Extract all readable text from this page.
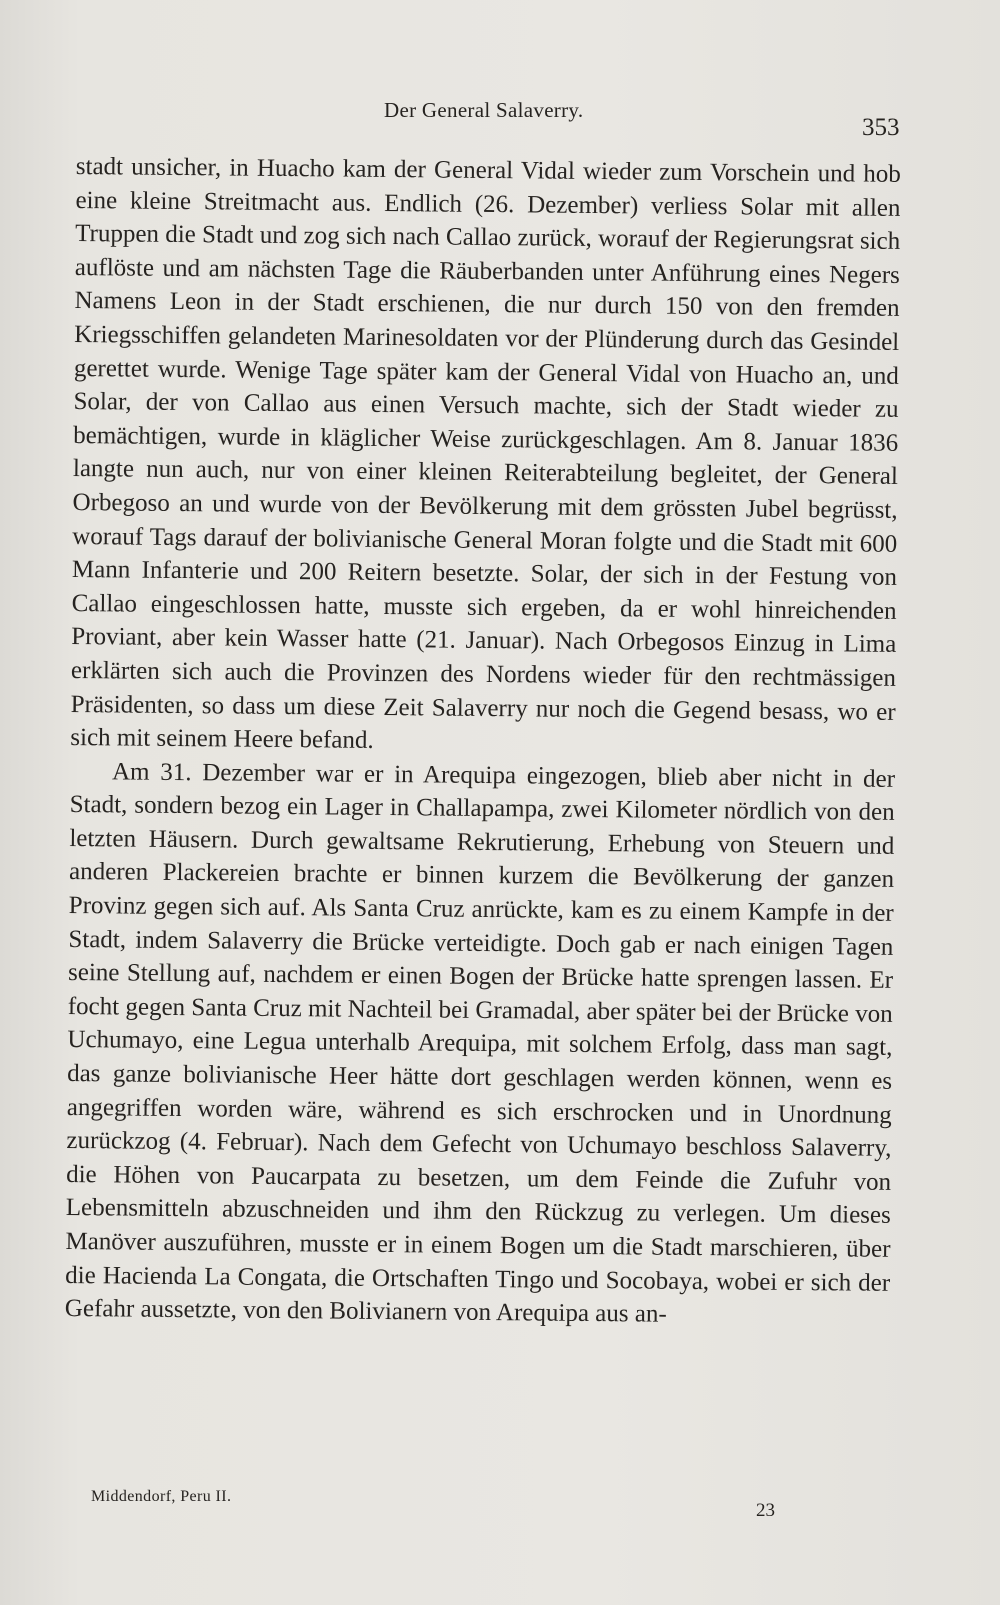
Der General Salaverry.
353

stadt unsicher, in Huacho kam der General Vidal wieder zum Vorschein und hob eine kleine Streitmacht aus. Endlich (26. Dezember) verliess Solar mit allen Truppen die Stadt und zog sich nach Callao zurück, worauf der Regierungsrat sich auflöste und am nächsten Tage die Räuberbanden unter Anführung eines Negers Namens Leon in der Stadt erschienen, die nur durch 150 von den fremden Kriegsschiffen gelandeten Marinesoldaten vor der Plünderung durch das Gesindel gerettet wurde. Wenige Tage später kam der General Vidal von Huacho an, und Solar, der von Callao aus einen Versuch machte, sich der Stadt wieder zu bemächtigen, wurde in kläglicher Weise zurückgeschlagen. Am 8. Januar 1836 langte nun auch, nur von einer kleinen Reiterabteilung begleitet, der General Orbegoso an und wurde von der Bevölkerung mit dem grössten Jubel begrüsst, worauf Tags darauf der bolivianische General Moran folgte und die Stadt mit 600 Mann Infanterie und 200 Reitern besetzte. Solar, der sich in der Festung von Callao eingeschlossen hatte, musste sich ergeben, da er wohl hinreichenden Proviant, aber kein Wasser hatte (21. Januar). Nach Orbegosos Einzug in Lima erklärten sich auch die Provinzen des Nordens wieder für den rechtmässigen Präsidenten, so dass um diese Zeit Salaverry nur noch die Gegend besass, wo er sich mit seinem Heere befand.

Am 31. Dezember war er in Arequipa eingezogen, blieb aber nicht in der Stadt, sondern bezog ein Lager in Challapampa, zwei Kilometer nördlich von den letzten Häusern. Durch gewaltsame Rekrutierung, Erhebung von Steuern und anderen Plackereien brachte er binnen kurzem die Bevölkerung der ganzen Provinz gegen sich auf. Als Santa Cruz anrückte, kam es zu einem Kampfe in der Stadt, indem Salaverry die Brücke verteidigte. Doch gab er nach einigen Tagen seine Stellung auf, nachdem er einen Bogen der Brücke hatte sprengen lassen. Er focht gegen Santa Cruz mit Nachteil bei Gramadal, aber später bei der Brücke von Uchumayo, eine Legua unterhalb Arequipa, mit solchem Erfolg, dass man sagt, das ganze bolivianische Heer hätte dort geschlagen werden können, wenn es angegriffen worden wäre, während es sich erschrocken und in Unordnung zurückzog (4. Februar). Nach dem Gefecht von Uchumayo beschloss Salaverry, die Höhen von Paucarpata zu besetzen, um dem Feinde die Zufuhr von Lebensmitteln abzuschneiden und ihm den Rückzug zu verlegen. Um dieses Manöver auszuführen, musste er in einem Bogen um die Stadt marschieren, über die Hacienda La Congata, die Ortschaften Tingo und Socobaya, wobei er sich der Gefahr aussetzte, von den Bolivianern von Arequipa aus an-

Middendorf, Peru II.
23
